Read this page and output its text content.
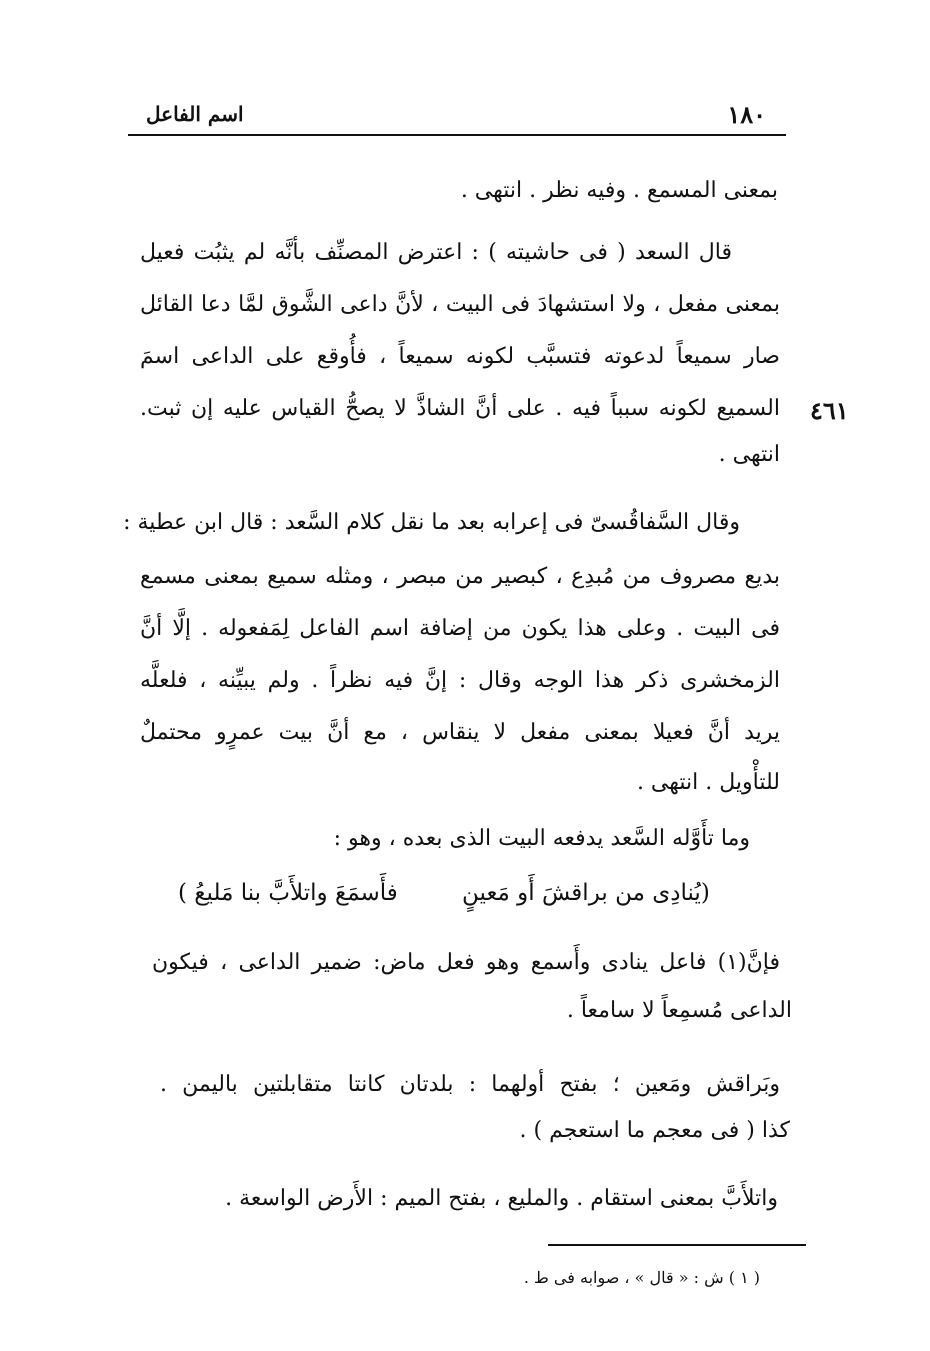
١٨٠
اسم الفاعل
بمعنى المسمع . وفيه نظر . انتهى .
قال السعد ( فى حاشيته ) : اعترض المصنِّف بأنَّه لم يثبُت فعيل
بمعنى مفعل ، ولا استشهادَ فى البيت ، لأنَّ داعى الشَّوق لمَّا دعا القائل
صار سميعاً لدعوته فتسبَّب لكونه سميعاً ، فأُوقع على الداعى اسمَ
السميع لكونه سبباً فيه . على أنَّ الشاذَّ لا يصحُّ القياس عليه إن ثبت. ٤٦١
انتهى .
وقال السَّفاقُسىّ فى إعرابه بعد ما نقل كلام السَّعد : قال ابن عطية :
بديع مصروف من مُبدِع ، كبصير من مبصر ، ومثله سميع بمعنى مسمع
فى البيت . وعلى هذا يكون من إضافة اسم الفاعل لِمَفعوله . إلَّا أنَّ
الزمخشرى ذكر هذا الوجه وقال : إنَّ فيه نظراً . ولم يبيِّنه ، فلعلَّه
يريد أنَّ فعيلا بمعنى مفعل لا ينقاس ، مع أنَّ بيت عمرٍو محتملٌ
للتأْويل . انتهى .
وما تأَوَّله السَّعد يدفعه البيت الذى بعده ، وهو :
(يُنادِى من براقشَ أَو مَعينٍ
فأَسمَعَ واتلأَبَّ بنا مَليعُ )
فإنَّ(١) فاعل ينادى وأَسمع وهو فعل ماض: ضمير الداعى ، فيكون
الداعى مُسمِعاً لا سامعاً .
وبَراقش ومَعين ؛ بفتح أولهما : بلدتان كانتا متقابلتين باليمن .
كذا ( فى معجم ما استعجم ) .
واتلأَبَّ بمعنى استقام . والمليع ، بفتح الميم : الأَرض الواسعة .
( ١ ) ش : « قال » ، صوابه فى ط .
